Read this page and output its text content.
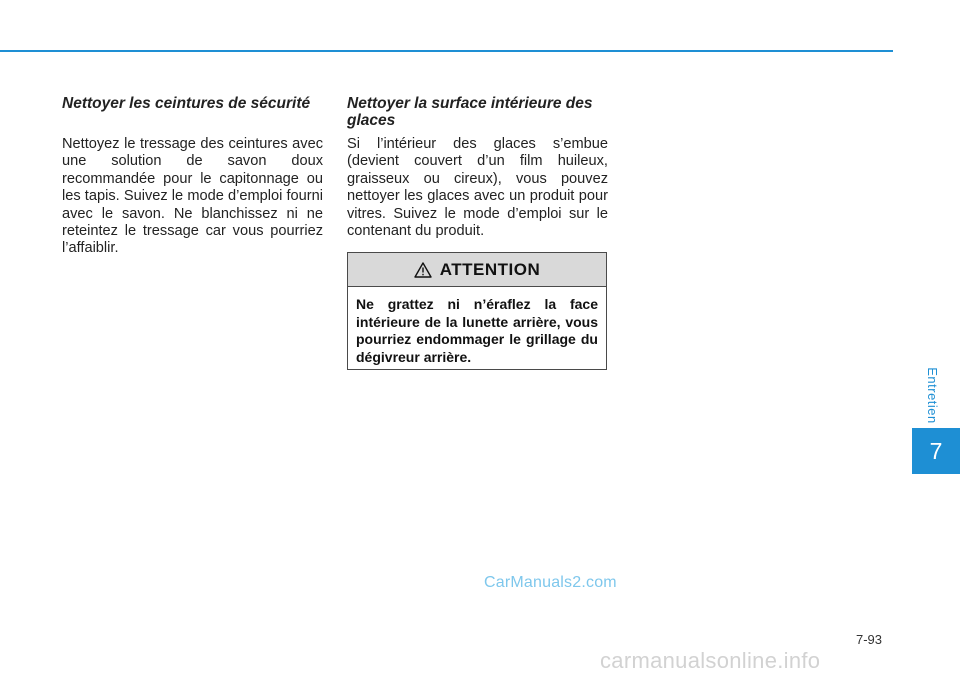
Nettoyer les ceintures de sécurité
Nettoyez le tressage des ceintures avec une solution de savon doux recommandée pour le capitonnage ou les tapis. Suivez le mode d’emploi fourni avec le savon. Ne blanchissez ni ne reteintez le tressage car vous pourriez l’affaiblir.
Nettoyer la surface intérieure des glaces
Si l’intérieur des glaces s’embue (devient couvert d’un film huileux, graisseux ou cireux), vous pouvez nettoyer les glaces avec un produit pour vitres. Suivez le mode d’emploi sur le contenant du produit.
ATTENTION
Ne grattez ni n’éraflez la face intérieure de la lunette arrière, vous pourriez endommager le grillage du dégivreur arrière.
Entretien
7
CarManuals2.com
7-93
carmanualsonline.info
